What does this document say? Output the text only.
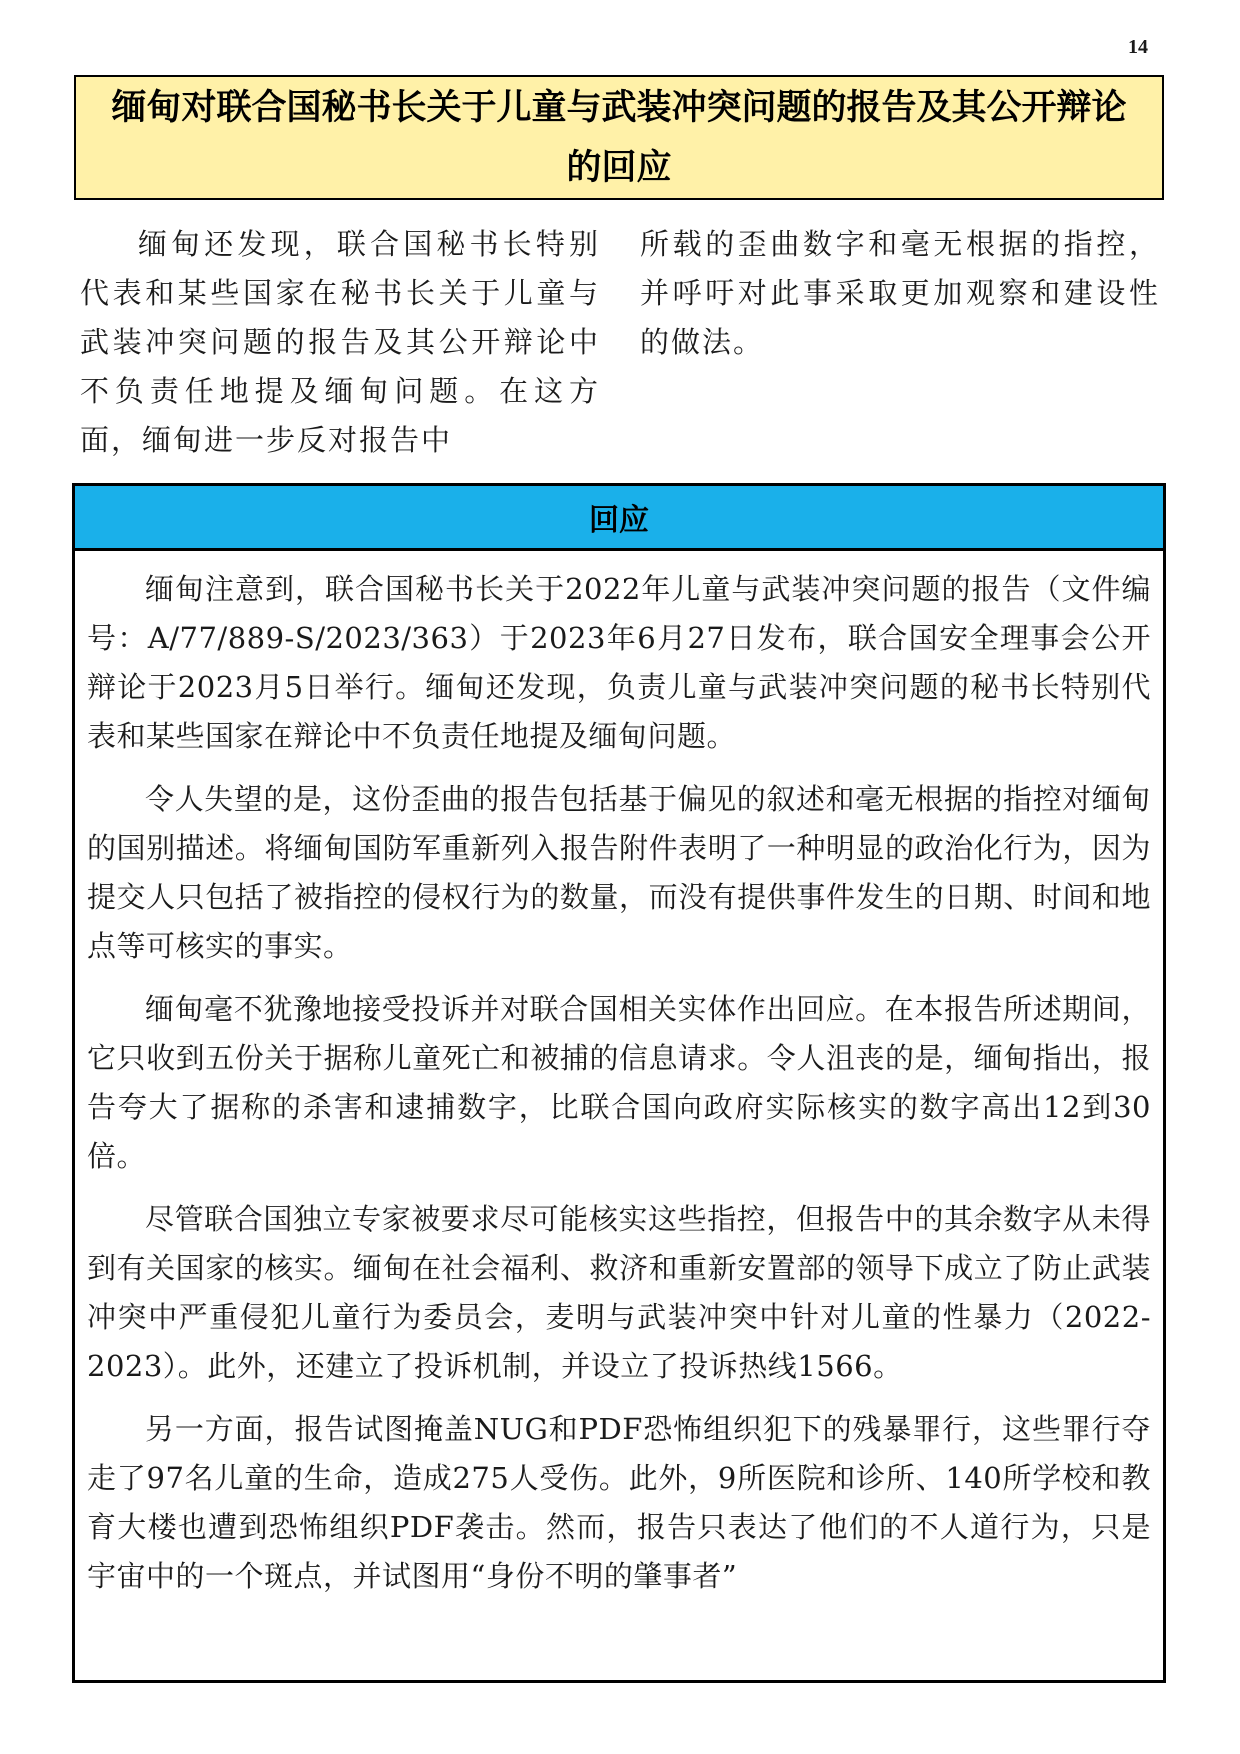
14
缅甸对联合国秘书长关于儿童与武装冲突问题的报告及其公开辩论的回应

缅甸还发现，联合国秘书长特别代表和某些国家在秘书长关于儿童与武装冲突问题的报告及其公开辩论中不负责任地提及缅甸问题。在这方面，缅甸进一步反对报告中

所载的歪曲数字和毫无根据的指控，并呼吁对此事采取更加观察和建设性的做法。

回应

缅甸注意到，联合国秘书长关于2022年儿童与武装冲突问题的报告（文件编号：A/77/889-S/2023/363）于2023年6月27日发布，联合国安全理事会公开辩论于2023月5日举行。缅甸还发现，负责儿童与武装冲突问题的秘书长特别代表和某些国家在辩论中不负责任地提及缅甸问题。

令人失望的是，这份歪曲的报告包括基于偏见的叙述和毫无根据的指控对缅甸的国别描述。将缅甸国防军重新列入报告附件表明了一种明显的政治化行为，因为提交人只包括了被指控的侵权行为的数量，而没有提供事件发生的日期、时间和地点等可核实的事实。

缅甸毫不犹豫地接受投诉并对联合国相关实体作出回应。在本报告所述期间，它只收到五份关于据称儿童死亡和被捕的信息请求。令人沮丧的是，缅甸指出，报告夸大了据称的杀害和逮捕数字，比联合国向政府实际核实的数字高出12到30倍。

尽管联合国独立专家被要求尽可能核实这些指控，但报告中的其余数字从未得到有关国家的核实。缅甸在社会福利、救济和重新安置部的领导下成立了防止武装冲突中严重侵犯儿童行为委员会，麦明与武装冲突中针对儿童的性暴力（2022-2023）。此外，还建立了投诉机制，并设立了投诉热线1566。

另一方面，报告试图掩盖NUG和PDF恐怖组织犯下的残暴罪行，这些罪行夺走了97名儿童的生命，造成275人受伤。此外，9所医院和诊所、140所学校和教育大楼也遭到恐怖组织PDF袭击。然而，报告只表达了他们的不人道行为，只是宇宙中的一个斑点，并试图用“身份不明的肇事者”
